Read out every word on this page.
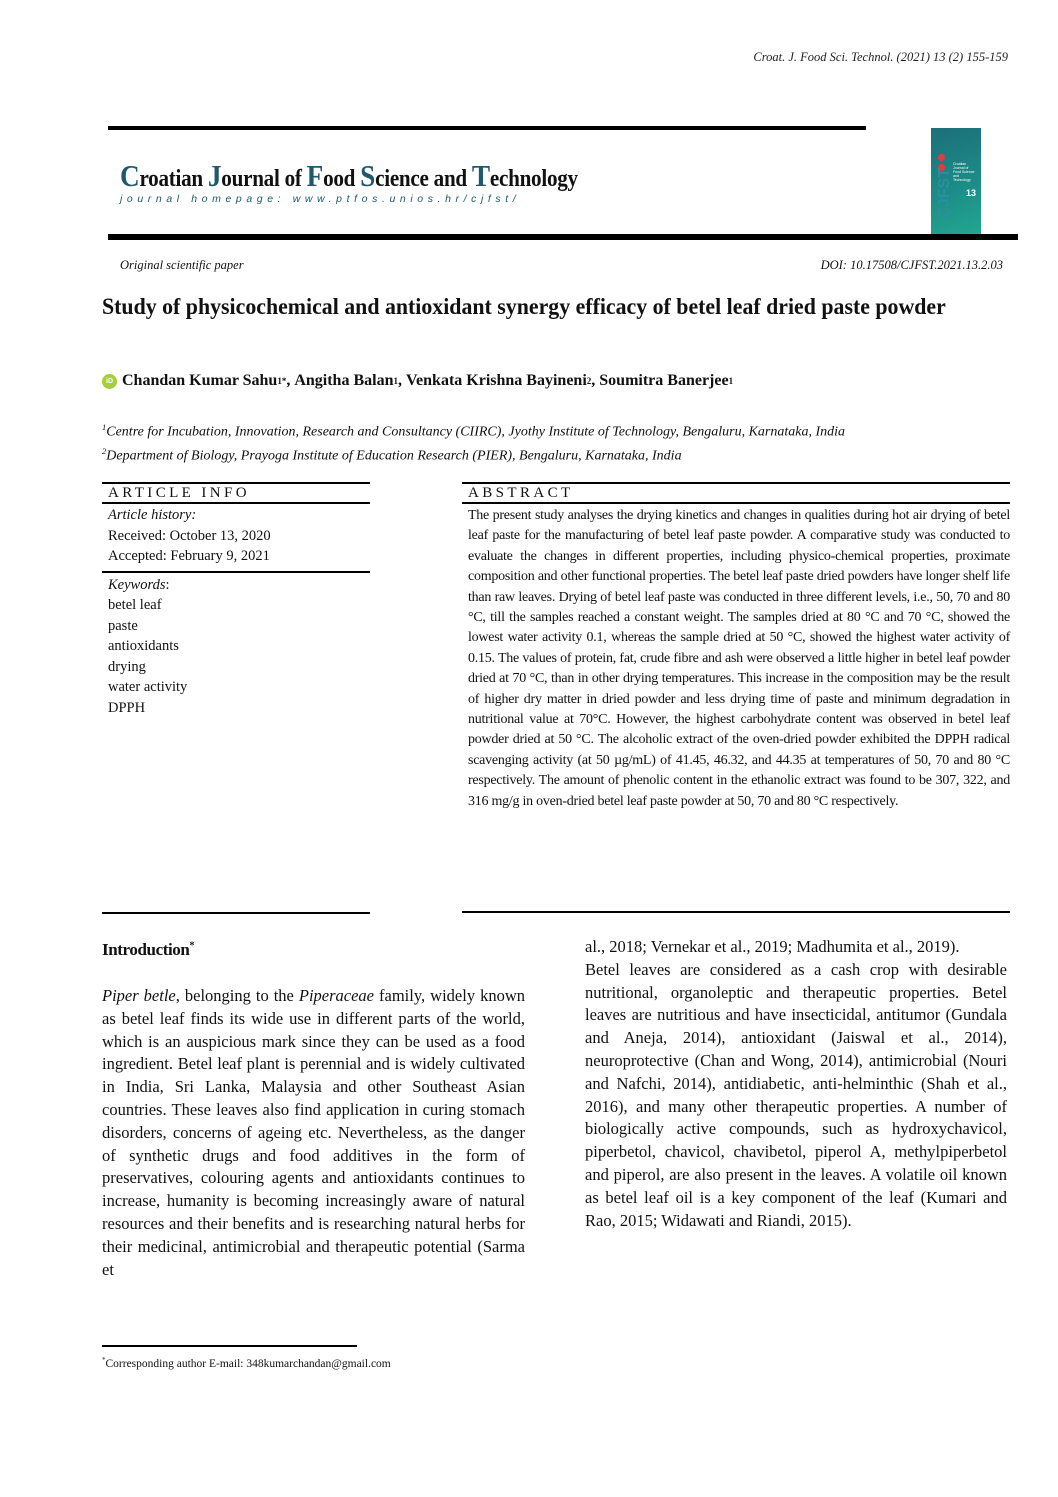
Croat. J. Food Sci. Technol. (2021) 13 (2) 155-159
Croatian Journal of Food Science and Technology
journal homepage: www.ptfos.unios.hr/cjfst/
Croatian Journal of Food Science and Technology
CJFST 13
Original scientific paper	DOI: 10.17508/CJFST.2021.13.2.03
Study of physicochemical and antioxidant synergy efficacy of betel leaf dried paste powder
iD Chandan Kumar Sahu 1* , Angitha Balan 1 , Venkata Krishna Bayineni 2 , Soumitra Banerjee 1
$^1$Centre for Incubation, Innovation, Research and Consultancy (CIIRC), Jyothy Institute of Technology, Bengaluru, Karnataka, India
$^2$Department of Biology, Prayoga Institute of Education Research (PIER), Bengaluru, Karnataka, India
ARTICLE INFO
Article history:
Received: October 13, 2020
Accepted: February 9, 2021
Keywords:
betel leaf
paste
antioxidants
drying
water activity
DPPH
ABSTRACT
The present study analyses the drying kinetics and changes in qualities during hot air drying of betel leaf paste for the manufacturing of betel leaf paste powder. A comparative study was conducted to evaluate the changes in different properties, including physico-chemical properties, proximate composition and other functional properties. The betel leaf paste dried powders have longer shelf life than raw leaves. Drying of betel leaf paste was conducted in three different levels, i.e., 50, 70 and 80 °C, till the samples reached a constant weight. The samples dried at 80 °C and 70 °C, showed the lowest water activity 0.1, whereas the sample dried at 50 °C, showed the highest water activity of 0.15. The values of protein, fat, crude fibre and ash were observed a little higher in betel leaf powder dried at 70 °C, than in other drying temperatures. This increase in the composition may be the result of higher dry matter in dried powder and less drying time of paste and minimum degradation in nutritional value at 70°C. However, the highest carbohydrate content was observed in betel leaf powder dried at 50 °C. The alcoholic extract of the oven-dried powder exhibited the DPPH radical scavenging activity (at 50 µg/mL) of 41.45, 46.32, and 44.35 at temperatures of 50, 70 and 80 °C respectively. The amount of phenolic content in the ethanolic extract was found to be 307, 322, and 316 mg/g in oven-dried betel leaf paste powder at 50, 70 and 80 °C respectively.
Introduction*

Piper betle, belonging to the Piperaceae family, widely known as betel leaf finds its wide use in different parts of the world, which is an auspicious mark since they can be used as a food ingredient. Betel leaf plant is perennial and is widely cultivated in India, Sri Lanka, Malaysia and other Southeast Asian countries. These leaves also find application in curing stomach disorders, concerns of ageing etc. Nevertheless, as the danger of synthetic drugs and food additives in the form of preservatives, colouring agents and antioxidants continues to increase, humanity is becoming increasingly aware of natural resources and their benefits and is researching natural herbs for their medicinal, antimicrobial and therapeutic potential (Sarma et

al., 2018; Vernekar et al., 2019; Madhumita et al., 2019).

Betel leaves are considered as a cash crop with desirable nutritional, organoleptic and therapeutic properties. Betel leaves are nutritious and have insecticidal, antitumor (Gundala and Aneja, 2014), antioxidant (Jaiswal et al., 2014), neuroprotective (Chan and Wong, 2014), antimicrobial (Nouri and Nafchi, 2014), antidiabetic, anti-helminthic (Shah et al., 2016), and many other therapeutic properties. A number of biologically active compounds, such as hydroxychavicol, piperbetol, chavicol, chavibetol, piperol A, methylpiperbetol and piperol, are also present in the leaves. A volatile oil known as betel leaf oil is a key component of the leaf (Kumari and Rao, 2015; Widawati and Riandi, 2015).

*Corresponding author E-mail: 348kumarchandan@gmail.com
